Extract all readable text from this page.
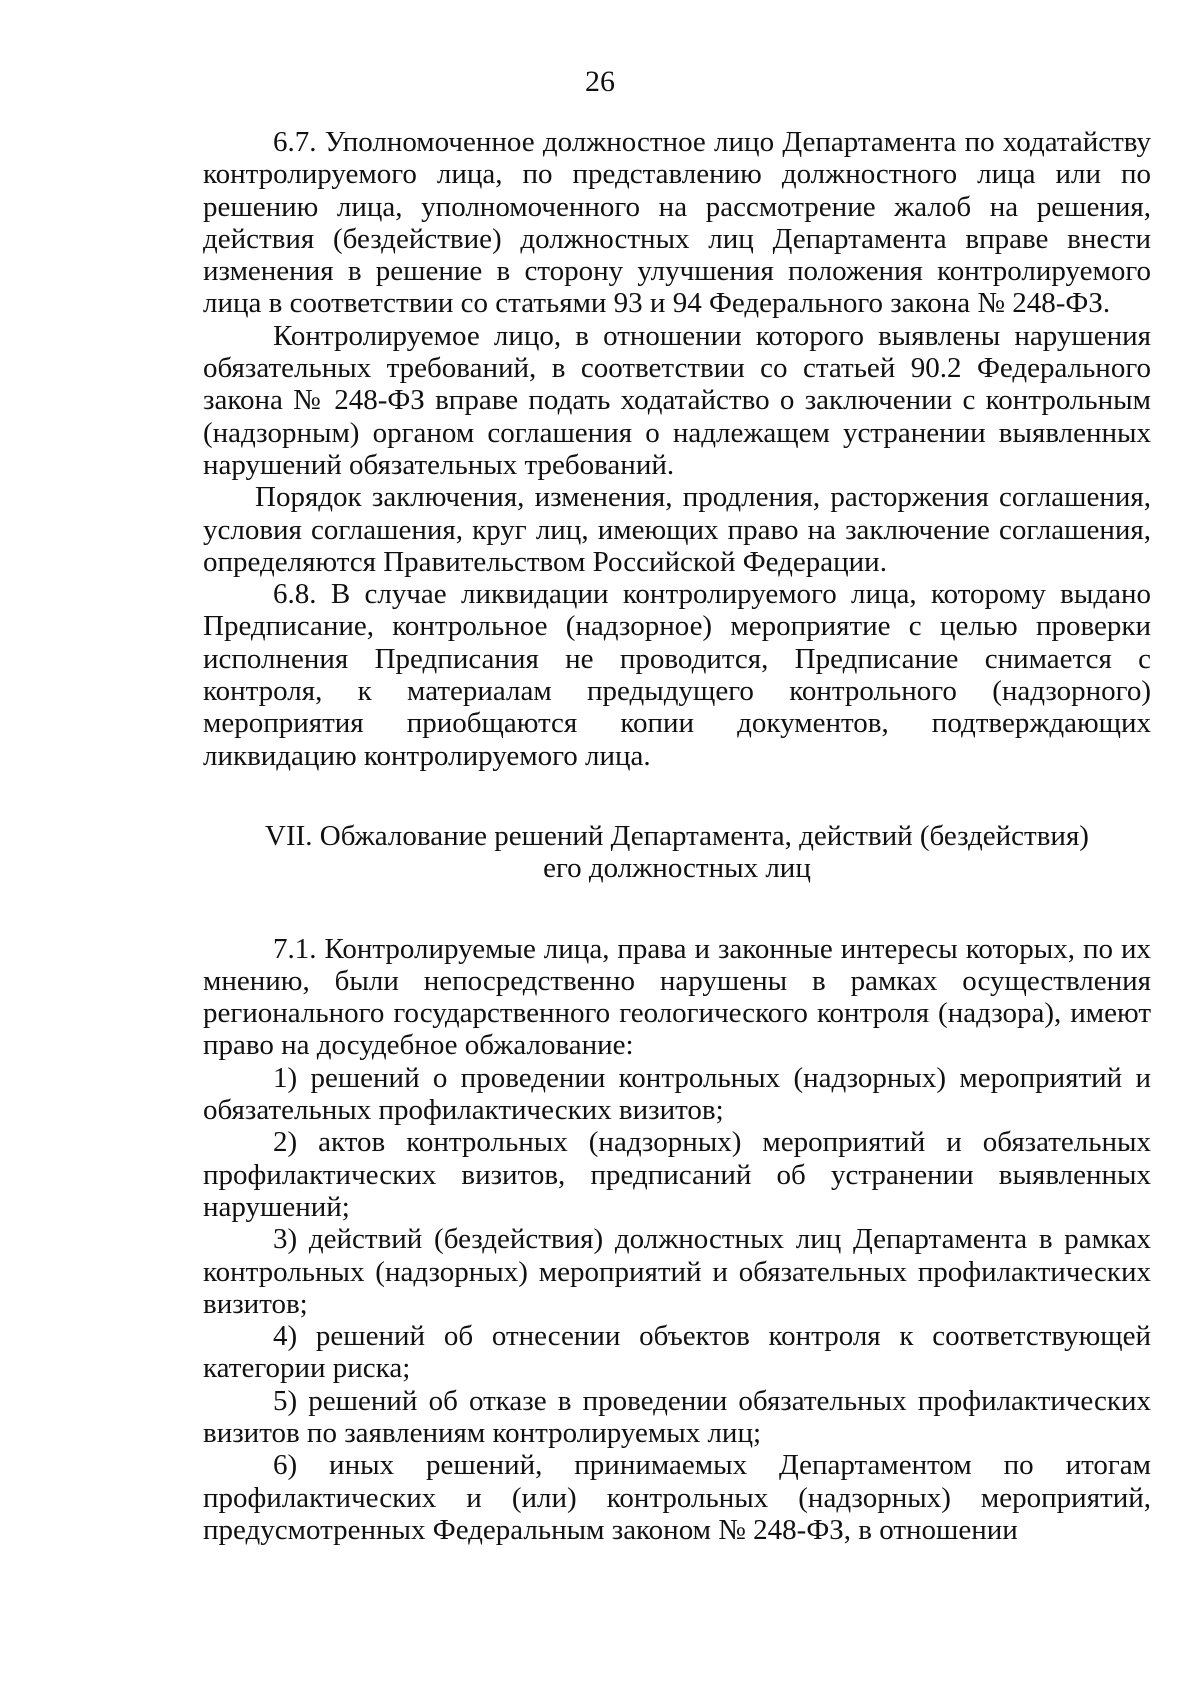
26

6.7. Уполномоченное должностное лицо Департамента по ходатайству контролируемого лица, по представлению должностного лица или по решению лица, уполномоченного на рассмотрение жалоб на решения, действия (бездействие) должностных лиц Департамента вправе внести изменения в решение в сторону улучшения положения контролируемого лица в соответствии со статьями 93 и 94 Федерального закона № 248-ФЗ.

Контролируемое лицо, в отношении которого выявлены нарушения обязательных требований, в соответствии со статьей 90.2 Федерального закона № 248-ФЗ вправе подать ходатайство о заключении с контрольным (надзорным) органом соглашения о надлежащем устранении выявленных нарушений обязательных требований.

Порядок заключения, изменения, продления, расторжения соглашения, условия соглашения, круг лиц, имеющих право на заключение соглашения, определяются Правительством Российской Федерации.

6.8. В случае ликвидации контролируемого лица, которому выдано Предписание, контрольное (надзорное) мероприятие с целью проверки исполнения Предписания не проводится, Предписание снимается с контроля, к материалам предыдущего контрольного (надзорного) мероприятия приобщаются копии документов, подтверждающих ликвидацию контролируемого лица.

VII. Обжалование решений Департамента, действий (бездействия)
его должностных лиц

7.1. Контролируемые лица, права и законные интересы которых, по их мнению, были непосредственно нарушены в рамках осуществления регионального государственного геологического контроля (надзора), имеют право на досудебное обжалование:

1) решений о проведении контрольных (надзорных) мероприятий и обязательных профилактических визитов;

2) актов контрольных (надзорных) мероприятий и обязательных профилактических визитов, предписаний об устранении выявленных нарушений;

3) действий (бездействия) должностных лиц Департамента в рамках контрольных (надзорных) мероприятий и обязательных профилактических визитов;

4) решений об отнесении объектов контроля к соответствующей категории риска;

5) решений об отказе в проведении обязательных профилактических визитов по заявлениям контролируемых лиц;

6) иных решений, принимаемых Департаментом по итогам профилактических и (или) контрольных (надзорных) мероприятий, предусмотренных Федеральным законом № 248-ФЗ, в отношении
